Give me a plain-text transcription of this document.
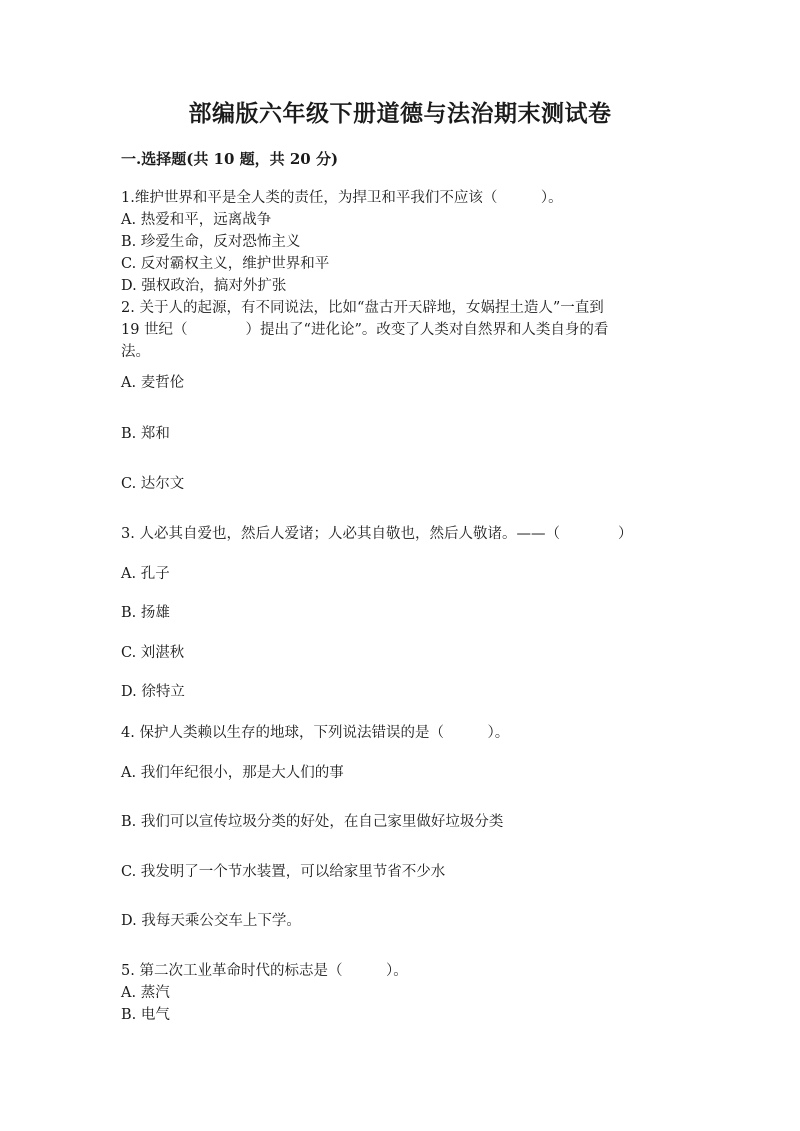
部编版六年级下册道德与法治期末测试卷
一.选择题(共 10 题，共 20 分)
1.维护世界和平是全人类的责任，为捍卫和平我们不应该（　　　）。
A. 热爱和平，远离战争
B. 珍爱生命，反对恐怖主义
C. 反对霸权主义，维护世界和平
D. 强权政治，搞对外扩张
2. 关于人的起源，有不同说法，比如“盘古开天辟地，女娲捏土造人”一直到
19 世纪（　　　　）提出了“进化论”。改变了人类对自然界和人类自身的看
法。
A. 麦哲伦
B. 郑和
C. 达尔文
3. 人必其自爱也，然后人爱诸；人必其自敬也，然后人敬诸。——（　　　　）
A. 孔子
B. 扬雄
C. 刘湛秋
D. 徐特立
4. 保护人类赖以生存的地球，下列说法错误的是（　　　）。
A. 我们年纪很小，那是大人们的事
B. 我们可以宣传垃圾分类的好处，在自己家里做好垃圾分类
C. 我发明了一个节水装置，可以给家里节省不少水
D. 我每天乘公交车上下学。
5. 第二次工业革命时代的标志是（　　　）。
A. 蒸汽
B. 电气
